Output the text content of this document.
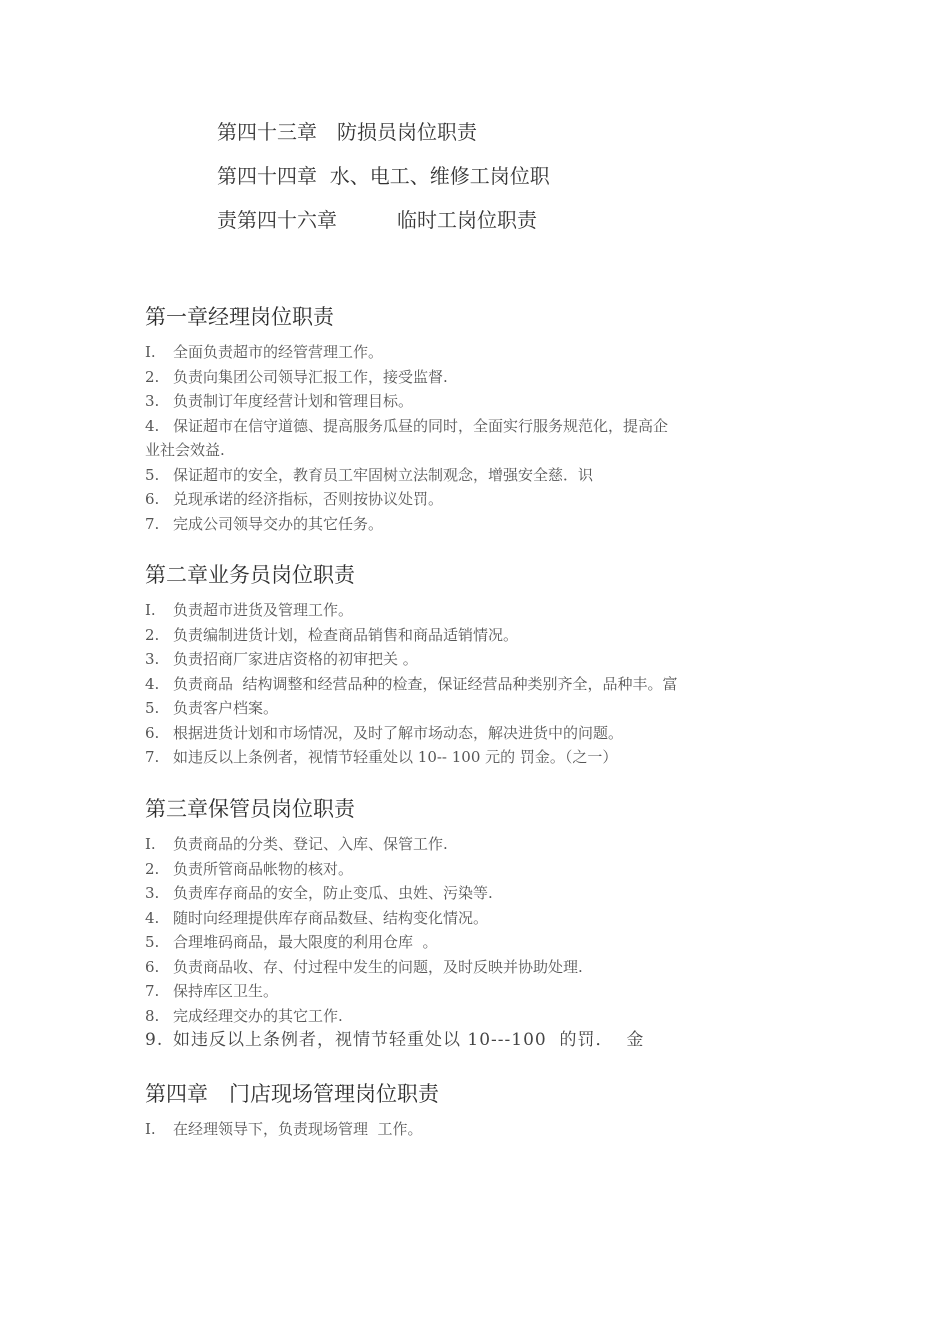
第四十三章　防损员岗位职责
第四十四章  水、电工、维修工岗位职
责第四十六章　　　临时工岗位职责
第一章经理岗位职责
I. 全面负责超市的经管营理工作。
2. 负责向集团公司领导汇报工作，接受监督.
3. 负责制订年度经营计划和管理目标。
4. 保证超市在信守道德、提高服务瓜昼的同时，全面实行服务规范化，提高企
业社会效益.
5. 保证超市的安全，教育员工牢固树立法制观念，增强安全慈．识
6. 兑现承诺的经济指标，否则按协议处罚。
7. 完成公司领导交办的其它任务。
第二章业务员岗位职责
I. 负责超市进货及管理工作。
2. 负责编制进货计划，检查商品销售和商品适销情况。
3. 负责招商厂家进店资格的初审把关 。
4. 负责商品  结构调整和经营品种的检查，保证经营品种类别齐全，品种丰。富
5. 负责客户档案。
6. 根据进货计划和市场情况，及时了解市场动态，解决进货中的问题。
7. 如违反以上条例者，视情节轻重处以 10-- 100 元的 罚金。（之一）
第三章保管员岗位职责
I. 负责商品的分类、登记、入库、保管工作.
2. 负责所管商品帐物的核对。
3. 负责库存商品的安全，防止变瓜、虫姓、污染等.
4. 随时向经理提供库存商品数昼、结构变化情况。
5. 合理堆码商品，最大限度的利用仓库  。
6. 负责商品收、存、付过程中发生的问题，及时反映并协助处理.
7. 保持库区卫生。
8. 完成经理交办的其它工作.
9. 如违反以上条例者，视情节轻重处以 10---100  的罚．  金
第四章　门店现场管理岗位职责
I. 在经理领导下，负责现场管理  工作。
